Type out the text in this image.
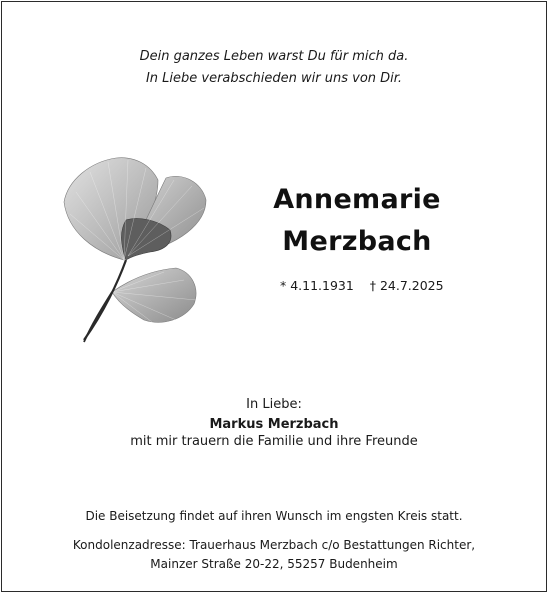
Dein ganzes Leben warst Du für mich da.
In Liebe verabschieden wir uns von Dir.
Annemarie
Merzbach
* 4.11.1931    † 24.7.2025
In Liebe:
Markus Merzbach
mit mir trauern die Familie und ihre Freunde
Die Beisetzung findet auf ihren Wunsch im engsten Kreis statt.
Kondolenzadresse: Trauerhaus Merzbach c/o Bestattungen Richter,
Mainzer Straße 20-22, 55257 Budenheim
